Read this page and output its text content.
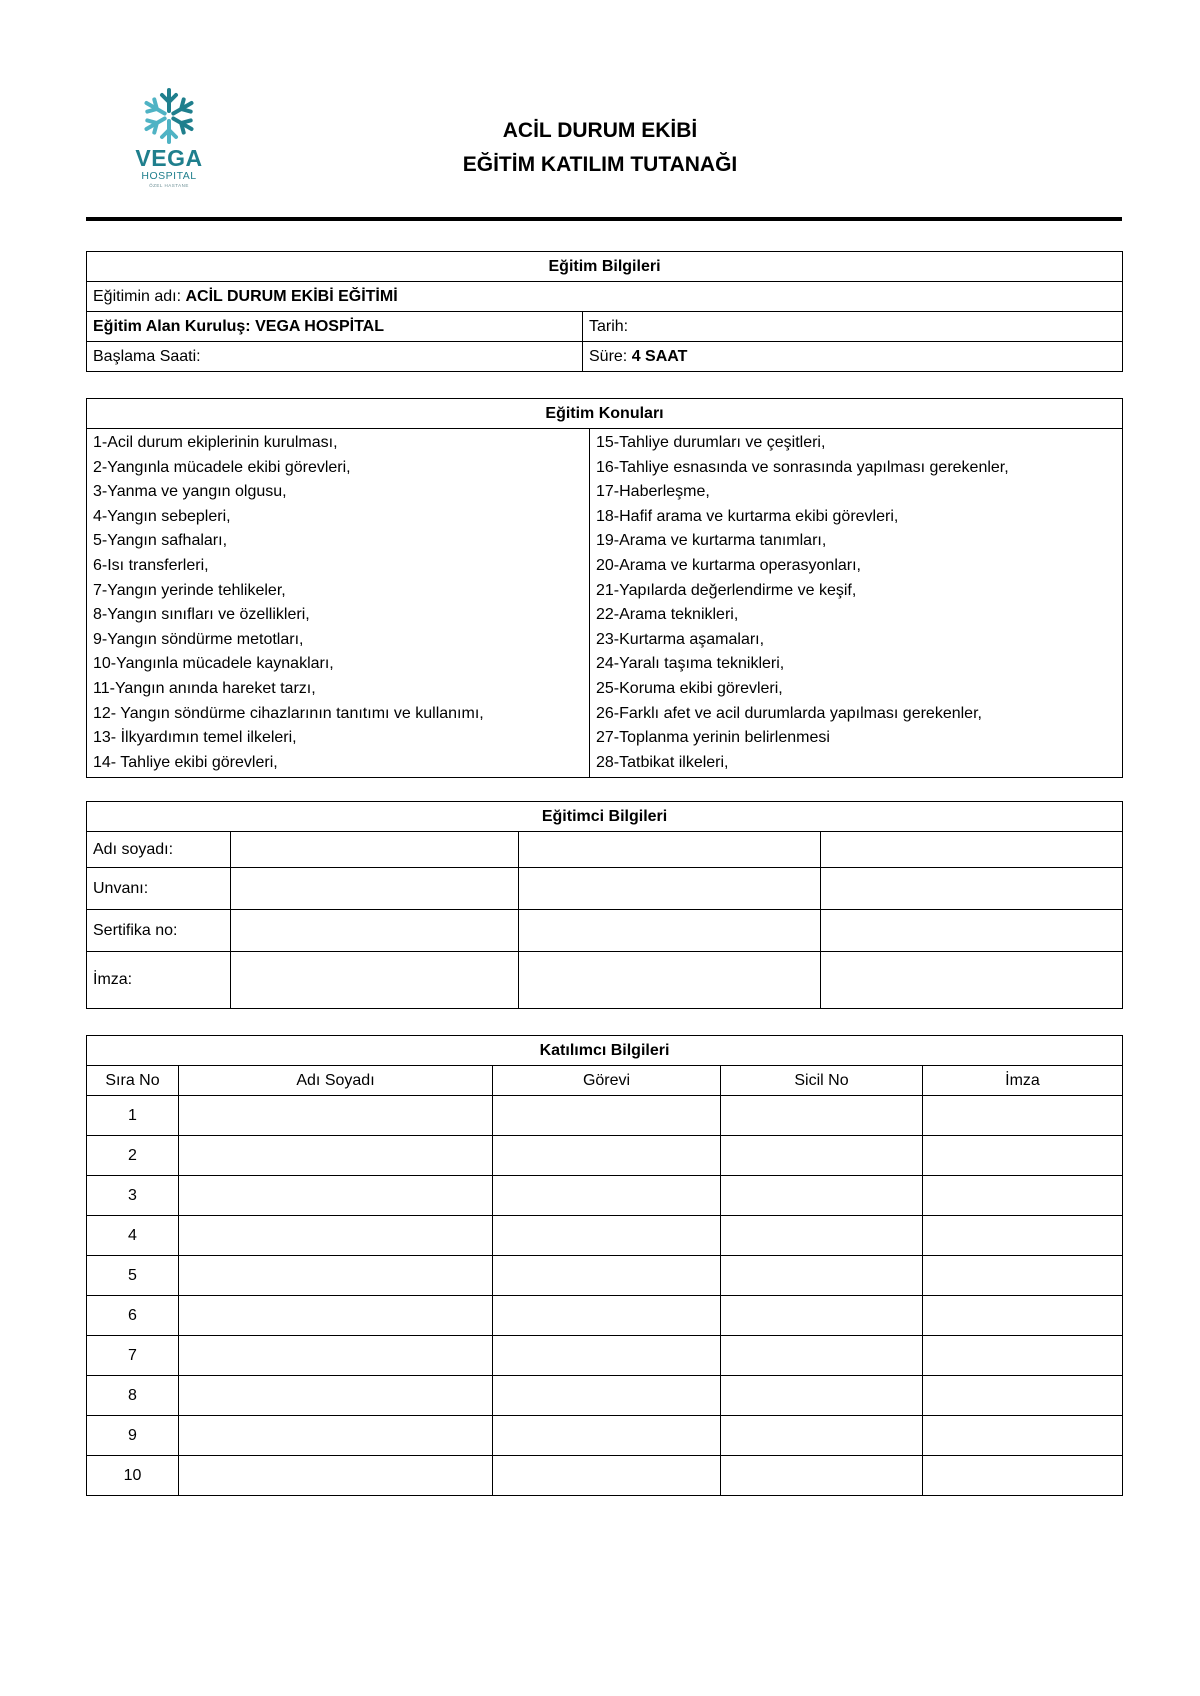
VEGA
HOSPITAL
ÖZEL HASTANE
ACİL DURUM EKİBİ
EĞİTİM KATILIM TUTANAĞI
Eğitim Bilgileri	
Eğitimin adı: ACİL DURUM EKİBİ EĞİTİMİ	
Eğitim Alan Kuruluş: VEGA HOSPİTAL	Tarih:
Başlama Saati:	Süre: 4 SAAT
Eğitim Konuları

1-Acil durum ekiplerinin kurulması,
2-Yangınla mücadele ekibi görevleri,
3-Yanma ve yangın olgusu,
4-Yangın sebepleri,
5-Yangın safhaları,
6-Isı transferleri,
7-Yangın yerinde tehlikeler,
8-Yangın sınıfları ve özellikleri,
9-Yangın söndürme metotları,
10-Yangınla mücadele kaynakları,
11-Yangın anında hareket tarzı,
12- Yangın söndürme cihazlarının tanıtımı ve kullanımı,
13- İlkyardımın temel ilkeleri,
14- Tahliye ekibi görevleri,

15-Tahliye durumları ve çeşitleri,
16-Tahliye esnasında ve sonrasında yapılması gerekenler,
17-Haberleşme,
18-Hafif arama ve kurtarma ekibi görevleri,
19-Arama ve kurtarma tanımları,
20-Arama ve kurtarma operasyonları,
21-Yapılarda değerlendirme ve keşif,
22-Arama teknikleri,
23-Kurtarma aşamaları,
24-Yaralı taşıma teknikleri,
25-Koruma ekibi görevleri,
26-Farklı afet ve acil durumlarda yapılması gerekenler,
27-Toplanma yerinin belirlenmesi
28-Tatbikat ilkeleri,
Eğitimci Bilgileri			
Adı soyadı:			
Unvanı:			
Sertifika no:			
İmza:			
Katılımcı Bilgileri				
Sıra No	Adı Soyadı	Görevi	Sicil No	İmza
1				
2				
3				
4				
5				
6				
7				
8				
9				
10				
